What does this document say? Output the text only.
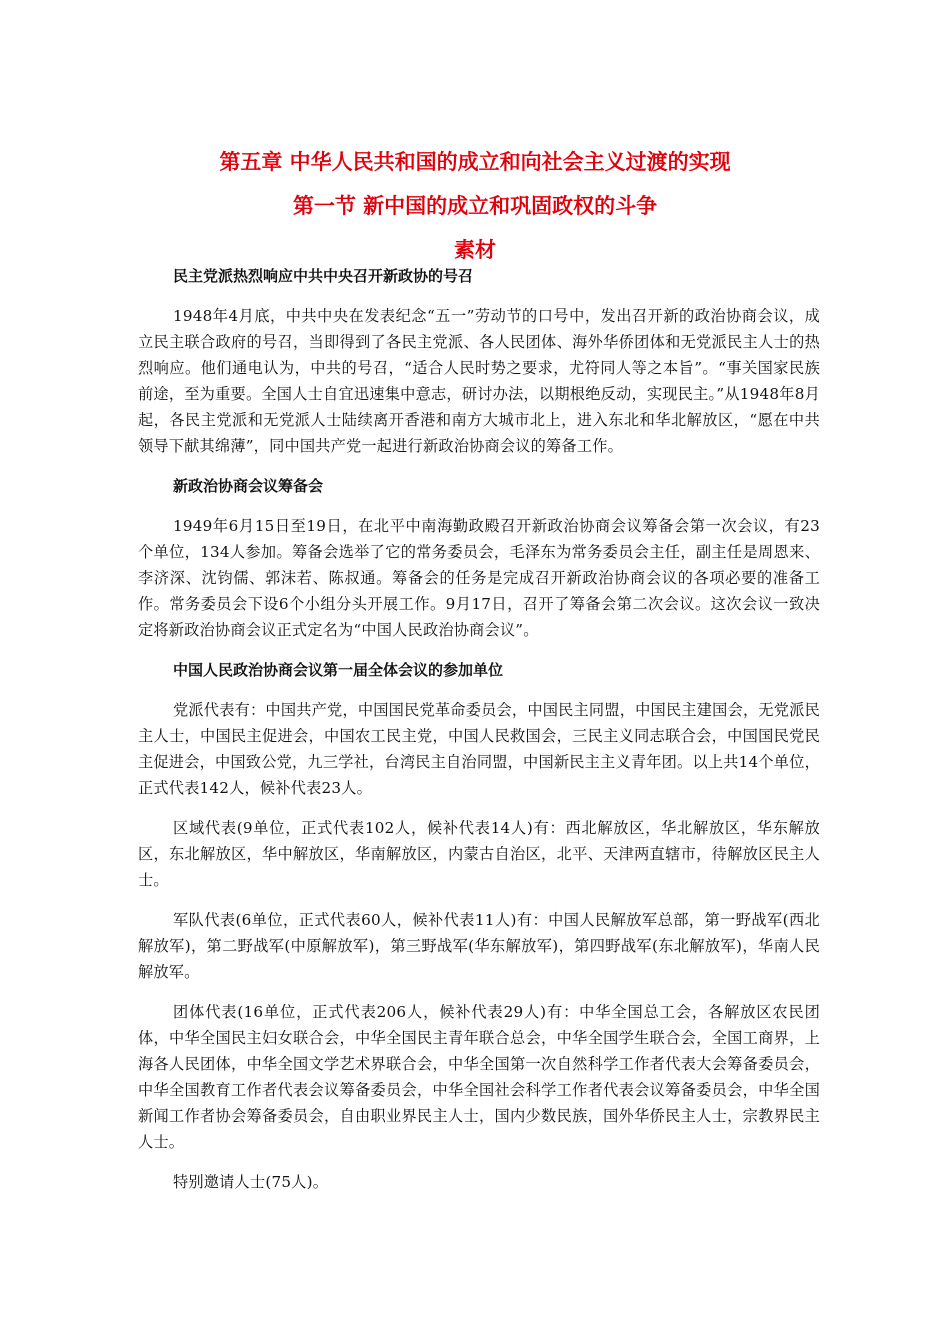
第五章 中华人民共和国的成立和向社会主义过渡的实现
第一节 新中国的成立和巩固政权的斗争
素材
民主党派热烈响应中共中央召开新政协的号召

1948年4月底，中共中央在发表纪念“五一”劳动节的口号中，发出召开新的政治协商会议，成立民主联合政府的号召，当即得到了各民主党派、各人民团体、海外华侨团体和无党派民主人士的热烈响应。他们通电认为，中共的号召，“适合人民时势之要求，尤符同人等之本旨”。“事关国家民族前途，至为重要。全国人士自宜迅速集中意志，研讨办法，以期根绝反动，实现民主。”从1948年8月起，各民主党派和无党派人士陆续离开香港和南方大城市北上，进入东北和华北解放区，“愿在中共领导下献其绵薄”，同中国共产党一起进行新政治协商会议的筹备工作。

新政治协商会议筹备会

1949年6月15日至19日，在北平中南海勤政殿召开新政治协商会议筹备会第一次会议，有23个单位，134人参加。筹备会选举了它的常务委员会，毛泽东为常务委员会主任，副主任是周恩来、李济深、沈钧儒、郭沫若、陈叔通。筹备会的任务是完成召开新政治协商会议的各项必要的准备工作。常务委员会下设6个小组分头开展工作。9月17日，召开了筹备会第二次会议。这次会议一致决定将新政治协商会议正式定名为“中国人民政治协商会议”。

中国人民政治协商会议第一届全体会议的参加单位

党派代表有：中国共产党，中国国民党革命委员会，中国民主同盟，中国民主建国会，无党派民主人士，中国民主促进会，中国农工民主党，中国人民救国会，三民主义同志联合会，中国国民党民主促进会，中国致公党，九三学社，台湾民主自治同盟，中国新民主主义青年团。以上共14个单位，正式代表142人，候补代表23人。

区域代表(9单位，正式代表102人，候补代表14人)有：西北解放区，华北解放区，华东解放区，东北解放区，华中解放区，华南解放区，内蒙古自治区，北平、天津两直辖市，待解放区民主人士。

军队代表(6单位，正式代表60人，候补代表11人)有：中国人民解放军总部，第一野战军(西北解放军)，第二野战军(中原解放军)，第三野战军(华东解放军)，第四野战军(东北解放军)，华南人民解放军。

团体代表(16单位，正式代表206人，候补代表29人)有：中华全国总工会，各解放区农民团体，中华全国民主妇女联合会，中华全国民主青年联合总会，中华全国学生联合会，全国工商界，上海各人民团体，中华全国文学艺术界联合会，中华全国第一次自然科学工作者代表大会筹备委员会，中华全国教育工作者代表会议筹备委员会，中华全国社会科学工作者代表会议筹备委员会，中华全国新闻工作者协会筹备委员会，自由职业界民主人士，国内少数民族，国外华侨民主人士，宗教界民主人士。

特别邀请人士(75人)。
